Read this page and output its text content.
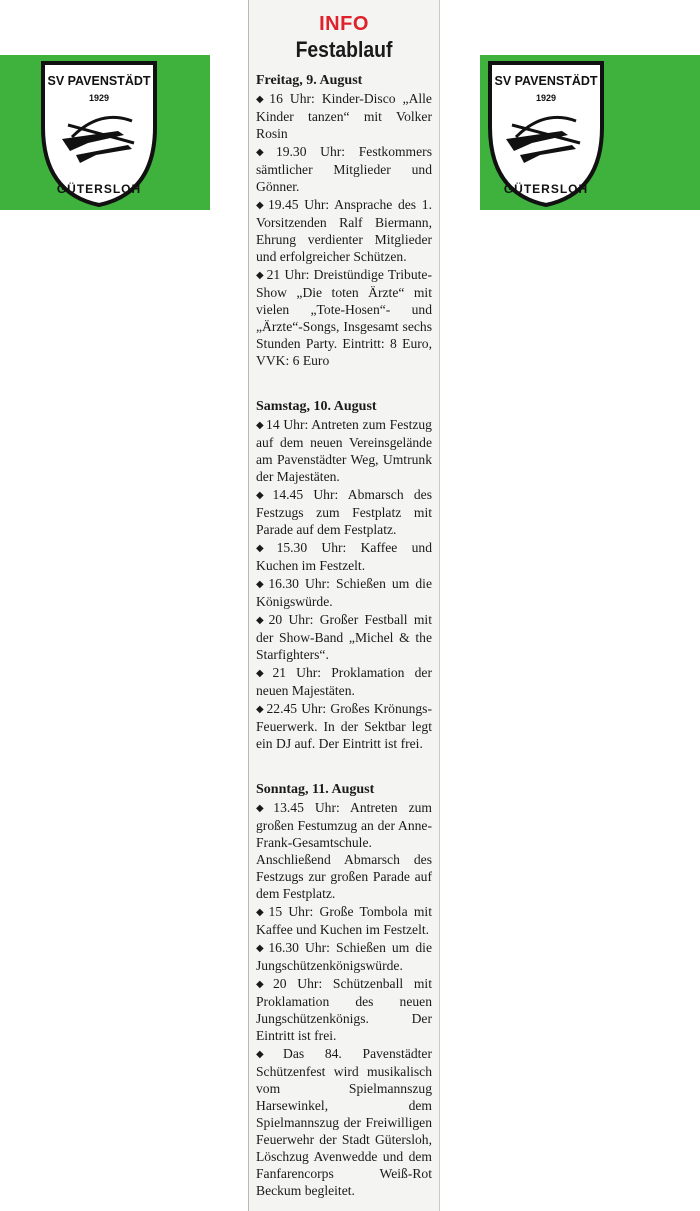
SV PAVENSTÄDT
1929
GÜTERSLOH
SV PAVENSTÄDT
1929
GÜTERSLOH
INFO
Festablauf
Freitag, 9. August
◆ 16 Uhr: Kinder-Disco „Alle Kinder tanzen“ mit Volker Rosin
◆ 19.30 Uhr: Festkommers sämtlicher Mitglieder und Gönner.
◆ 19.45 Uhr: Ansprache des 1. Vorsitzenden Ralf Biermann, Ehrung verdienter Mitglieder und erfolgreicher Schützen.
◆ 21 Uhr: Dreistündige Tribute-Show „Die toten Ärzte“ mit vielen „Tote-Hosen“- und „Ärzte“-Songs, Insgesamt sechs Stunden Party. Eintritt: 8 Euro, VVK: 6 Euro
Samstag, 10. August
◆ 14 Uhr: Antreten zum Festzug auf dem neuen Vereinsgelände am Pavenstädter Weg, Umtrunk der Majestäten.
◆ 14.45 Uhr: Abmarsch des Festzugs zum Festplatz mit Parade auf dem Festplatz.
◆ 15.30 Uhr: Kaffee und Kuchen im Festzelt.
◆ 16.30 Uhr: Schießen um die Königswürde.
◆ 20 Uhr: Großer Festball mit der Show-Band „Michel & the Starfighters“.
◆ 21 Uhr: Proklamation der neuen Majestäten.
◆ 22.45 Uhr: Großes Krönungs-Feuerwerk. In der Sektbar legt ein DJ auf. Der Eintritt ist frei.
Sonntag, 11. August
◆ 13.45 Uhr: Antreten zum großen Festumzug an der Anne-Frank-Gesamtschule. Anschließend Abmarsch des Festzugs zur großen Parade auf dem Festplatz.
◆ 15 Uhr: Große Tombola mit Kaffee und Kuchen im Festzelt.
◆ 16.30 Uhr: Schießen um die Jungschützenkönigswürde.
◆ 20 Uhr: Schützenball mit Proklamation des neuen Jungschützenkönigs. Der Eintritt ist frei.
◆ Das 84. Pavenstädter Schützenfest wird musikalisch vom Spielmannszug Harsewinkel, dem Spielmannszug der Freiwilligen Feuerwehr der Stadt Gütersloh, Löschzug Avenwedde und dem Fanfarencorps Weiß-Rot Beckum begleitet.
